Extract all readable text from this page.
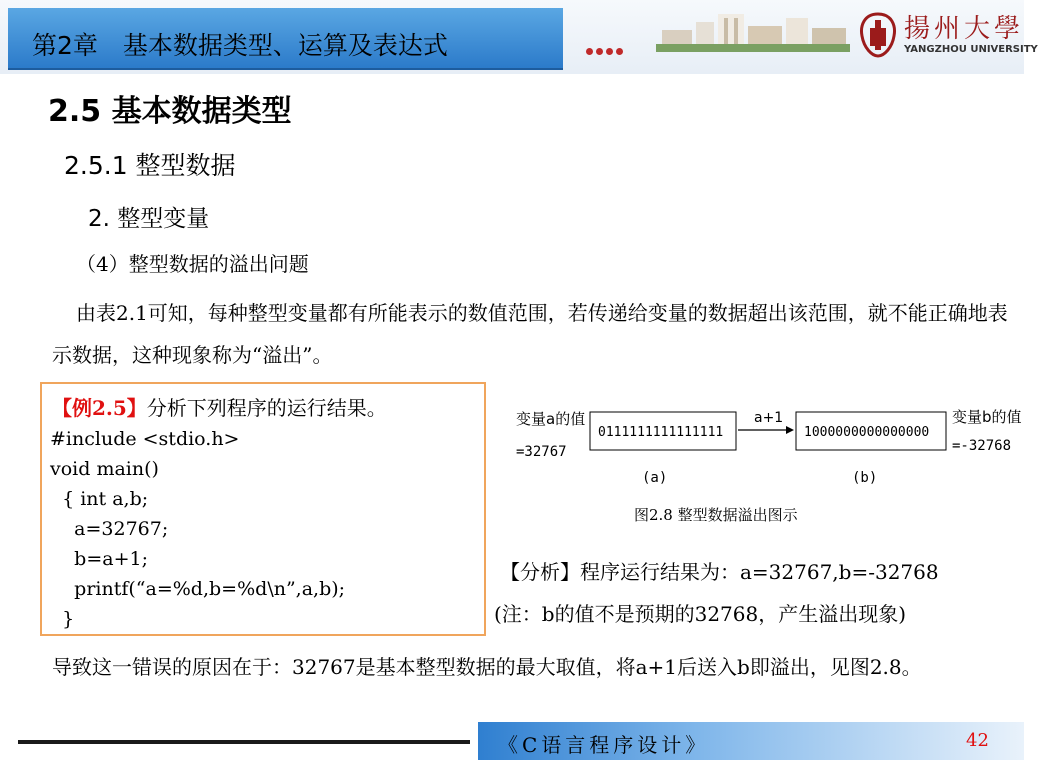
第2章　基本数据类型、运算及表达式
揚州大學
YANGZHOU UNIVERSITY
2.5 基本数据类型
2.5.1 整型数据
2. 整型变量
（4）整型数据的溢出问题
由表2.1可知，每种整型变量都有所能表示的数值范围，若传递给变量的数据超出该范围，就不能正确地表示数据，这种现象称为“溢出”。
【例2.5】分析下列程序的运行结果。
#include <stdio.h>
void main()
{ int a,b;
a=32767;
b=a+1;
printf(“a=%d,b=%d\n”,a,b);
}
变量a的值
=32767
0111111111111111
a+1
1000000000000000
变量b的值
=-32768
(a)	(b)
图2.8 整型数据溢出图示
【分析】程序运行结果为：a=32767,b=-32768
(注：b的值不是预期的32768，产生溢出现象)
导致这一错误的原因在于：32767是基本整型数据的最大取值，将a+1后送入b即溢出，见图2.8。
《C语言程序设计》	42
